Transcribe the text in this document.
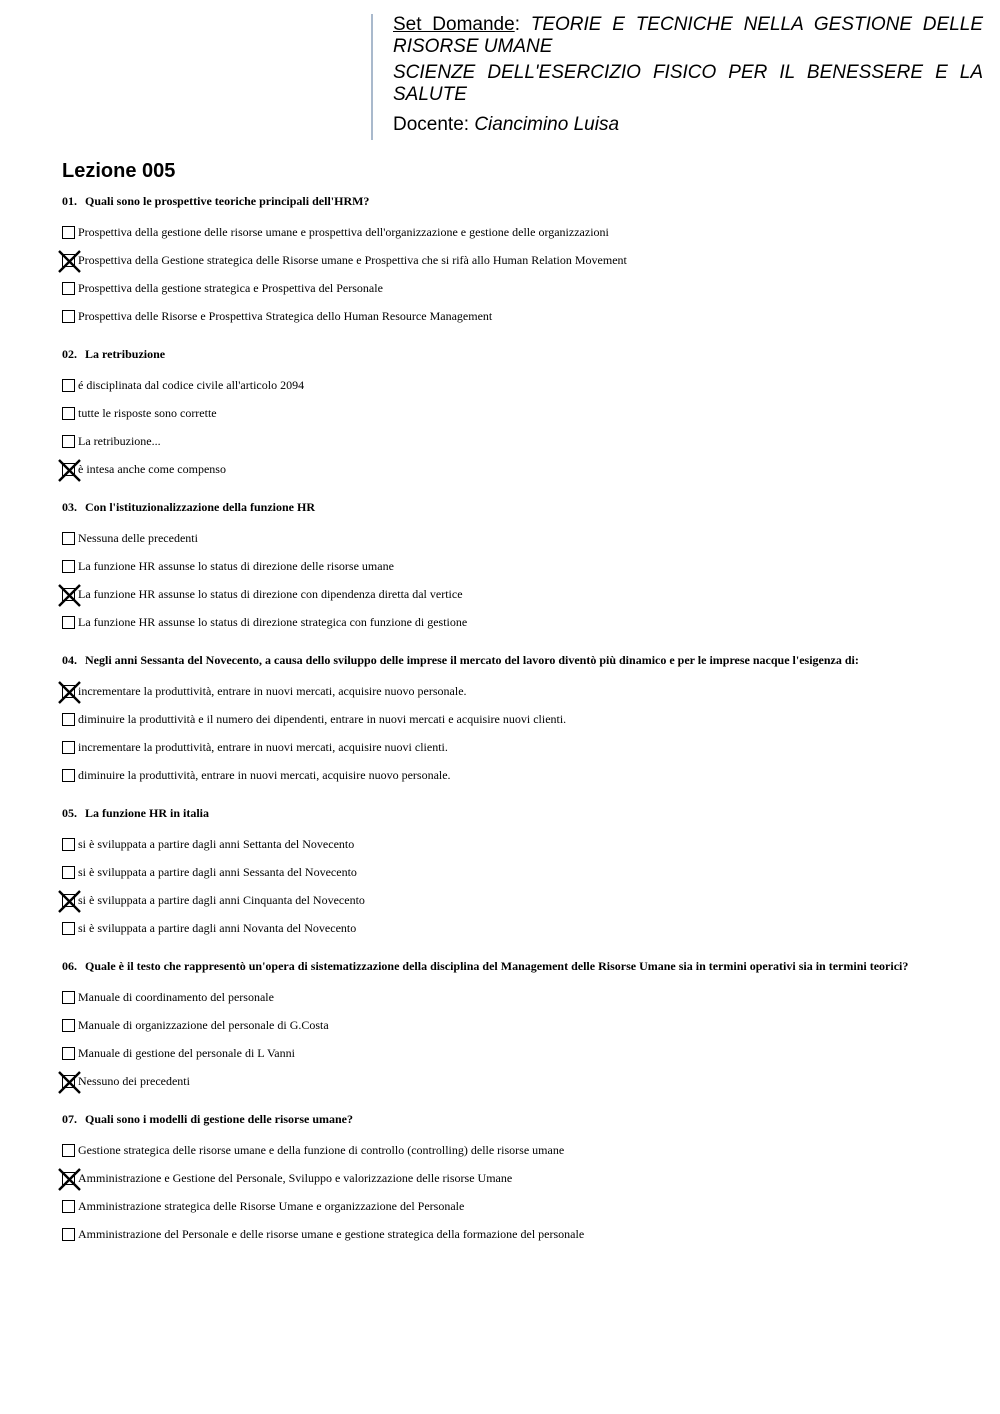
Set Domande: TEORIE E TECNICHE NELLA GESTIONE DELLE RISORSE UMANE
SCIENZE DELL'ESERCIZIO FISICO PER IL BENESSERE E LA SALUTE
Docente: Ciancimino Luisa
Lezione 005
01. Quali sono le prospettive teoriche principali dell'HRM?
Prospettiva della gestione delle risorse umane e prospettiva dell'organizzazione e gestione delle organizzazioni
Prospettiva della Gestione strategica delle Risorse umane e Prospettiva che si rifà allo Human Relation Movement
Prospettiva della gestione strategica e Prospettiva del Personale
Prospettiva delle Risorse e Prospettiva Strategica dello Human Resource Management
02. La retribuzione
é disciplinata dal codice civile all'articolo 2094
tutte le risposte sono corrette
La retribuzione...
è intesa anche come compenso
03. Con l'istituzionalizzazione della funzione HR
Nessuna delle precedenti
La funzione HR assunse lo status di direzione delle risorse umane
La funzione HR assunse lo status di direzione con dipendenza diretta dal vertice
La funzione HR assunse lo status di direzione strategica con funzione di gestione
04. Negli anni Sessanta del Novecento, a causa dello sviluppo delle imprese il mercato del lavoro diventò più dinamico e per le imprese nacque l'esigenza di:
incrementare la produttività, entrare in nuovi mercati, acquisire nuovo personale.
diminuire la produttività e il numero dei dipendenti, entrare in nuovi mercati e acquisire nuovi clienti.
incrementare la produttività, entrare in nuovi mercati, acquisire nuovi clienti.
diminuire la produttività, entrare in nuovi mercati, acquisire nuovo personale.
05. La funzione HR in italia
si è sviluppata a partire dagli anni Settanta del Novecento
si è sviluppata a partire dagli anni Sessanta del Novecento
si è sviluppata a partire dagli anni Cinquanta del Novecento
si è sviluppata a partire dagli anni Novanta del Novecento
06. Quale è il testo che rappresentò un'opera di sistematizzazione della disciplina del Management delle Risorse Umane sia in termini operativi sia in termini teorici?
Manuale di coordinamento del personale
Manuale di organizzazione del personale di G.Costa
Manuale di gestione del personale di L Vanni
Nessuno dei precedenti
07. Quali sono i modelli di gestione delle risorse umane?
Gestione strategica delle risorse umane e della funzione di controllo (controlling) delle risorse umane
Amministrazione e Gestione del Personale, Sviluppo e valorizzazione delle risorse Umane
Amministrazione strategica delle Risorse Umane e organizzazione del Personale
Amministrazione del Personale e delle risorse umane e gestione strategica della formazione del personale
